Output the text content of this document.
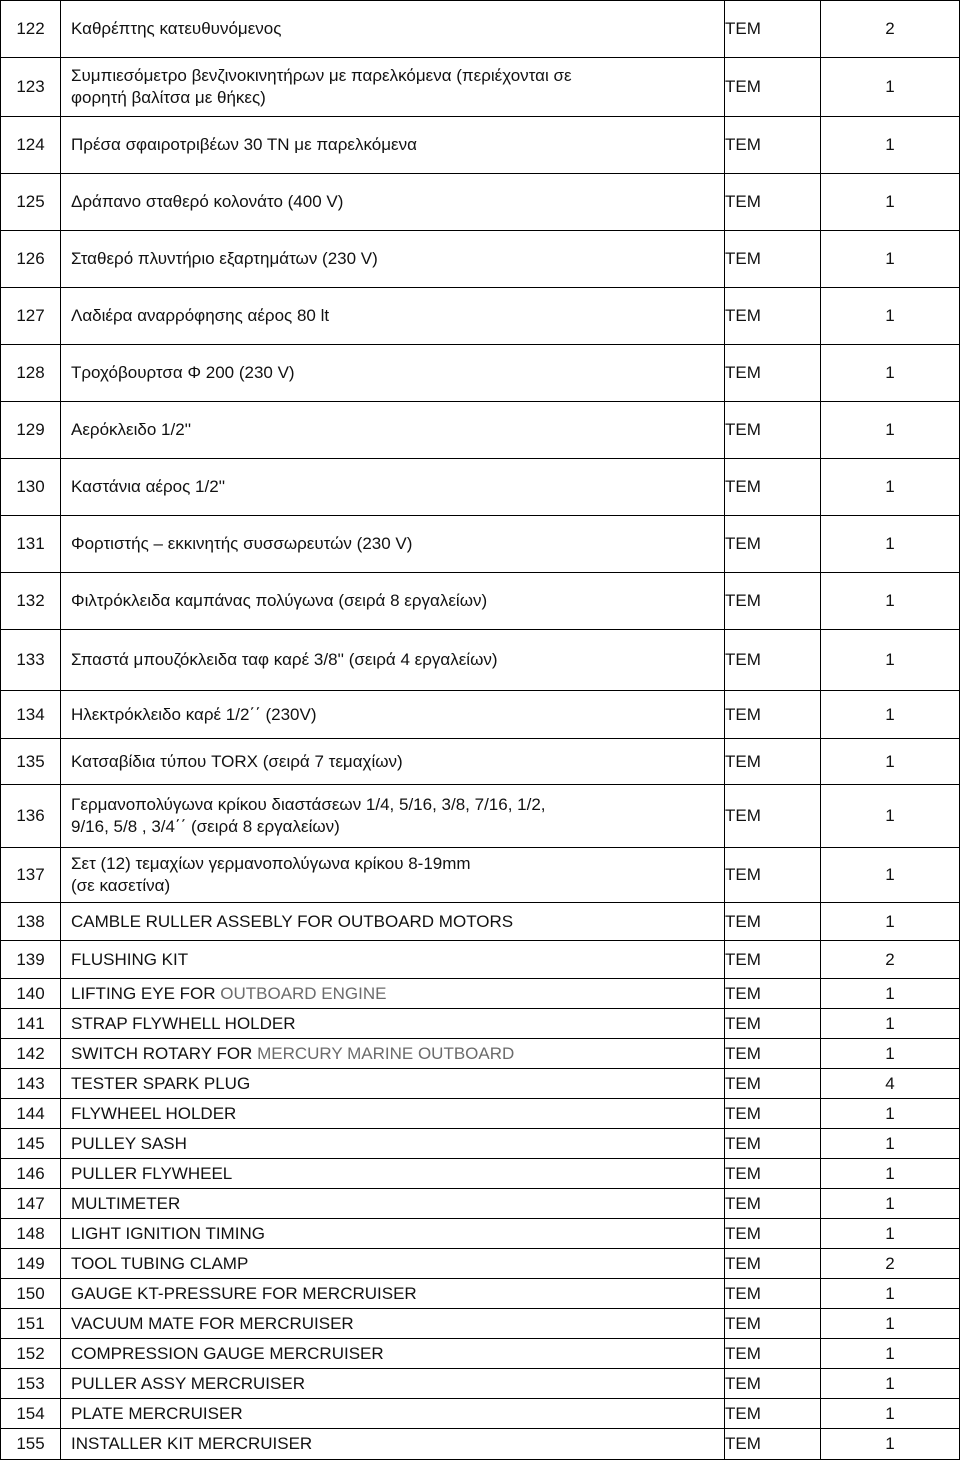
122	Καθρέπτης κατευθυνόμενος	ΤΕΜ	2
123	Συμπιεσόμετρο βενζινοκινητήρων με παρελκόμενα (περιέχονται σε
φορητή βαλίτσα με θήκες)	ΤΕΜ	1
124	Πρέσα σφαιροτριβέων 30 ΤΝ με παρελκόμενα	ΤΕΜ	1
125	Δράπανο σταθερό κολονάτο (400 V)	ΤΕΜ	1
126	Σταθερό πλυντήριο εξαρτημάτων (230 V)	ΤΕΜ	1
127	Λαδιέρα αναρρόφησης αέρος 80 lt	ΤΕΜ	1
128	Τροχόβουρτσα Φ 200 (230 V)	ΤΕΜ	1
129	Αερόκλειδο 1/2''	ΤΕΜ	1
130	Καστάνια αέρος 1/2''	ΤΕΜ	1
131	Φορτιστής – εκκινητής συσσωρευτών (230 V)	ΤΕΜ	1
132	Φιλτρόκλειδα καμπάνας πολύγωνα (σειρά 8 εργαλείων)	ΤΕΜ	1
133	Σπαστά μπουζόκλειδα ταφ καρέ 3/8'' (σειρά 4 εργαλείων)	ΤΕΜ	1
134	Ηλεκτρόκλειδο καρέ 1/2΄΄ (230V)	ΤΕΜ	1
135	Κατσαβίδια τύπου TORX (σειρά 7 τεμαχίων)	ΤΕΜ	1
136	Γερμανοπολύγωνα κρίκου διαστάσεων 1/4, 5/16, 3/8, 7/16, 1/2,
9/16, 5/8 , 3/4΄΄ (σειρά 8 εργαλείων)	ΤΕΜ	1
137	Σετ (12) τεμαχίων γερμανοπολύγωνα κρίκου 8-19mm
(σε κασετίνα)	ΤΕΜ	1
138	CAMBLE RULLER ASSEBLY FOR OUTBOARD MOTORS	ΤΕΜ	1
139	FLUSHING KIT	ΤΕΜ	2
140	LIFTING EYE FOR OUTBOARD ENGINE	ΤΕΜ	1
141	STRAP FLYWHELL HOLDER	ΤΕΜ	1
142	SWITCH ROTARY FOR MERCURY MARINE OUTBOARD	ΤΕΜ	1
143	TESTER SPARK PLUG	ΤΕΜ	4
144	FLYWHEEL HOLDER	ΤΕΜ	1
145	PULLEY SASH	ΤΕΜ	1
146	PULLER FLYWHEEL	ΤΕΜ	1
147	MULTIMETER	ΤΕΜ	1
148	LIGHT IGNITION TIMING	ΤΕΜ	1
149	TOOL TUBING CLAMP	ΤΕΜ	2
150	GAUGE KT-PRESSURE FOR MERCRUISER	ΤΕΜ	1
151	VACUUM MATE FOR MERCRUISER	ΤΕΜ	1
152	COMPRESSION GAUGE MERCRUISER	ΤΕΜ	1
153	PULLER ASSY MERCRUISER	ΤΕΜ	1
154	PLATE MERCRUISER	ΤΕΜ	1
155	INSTALLER KIT MERCRUISER	ΤΕΜ	1
